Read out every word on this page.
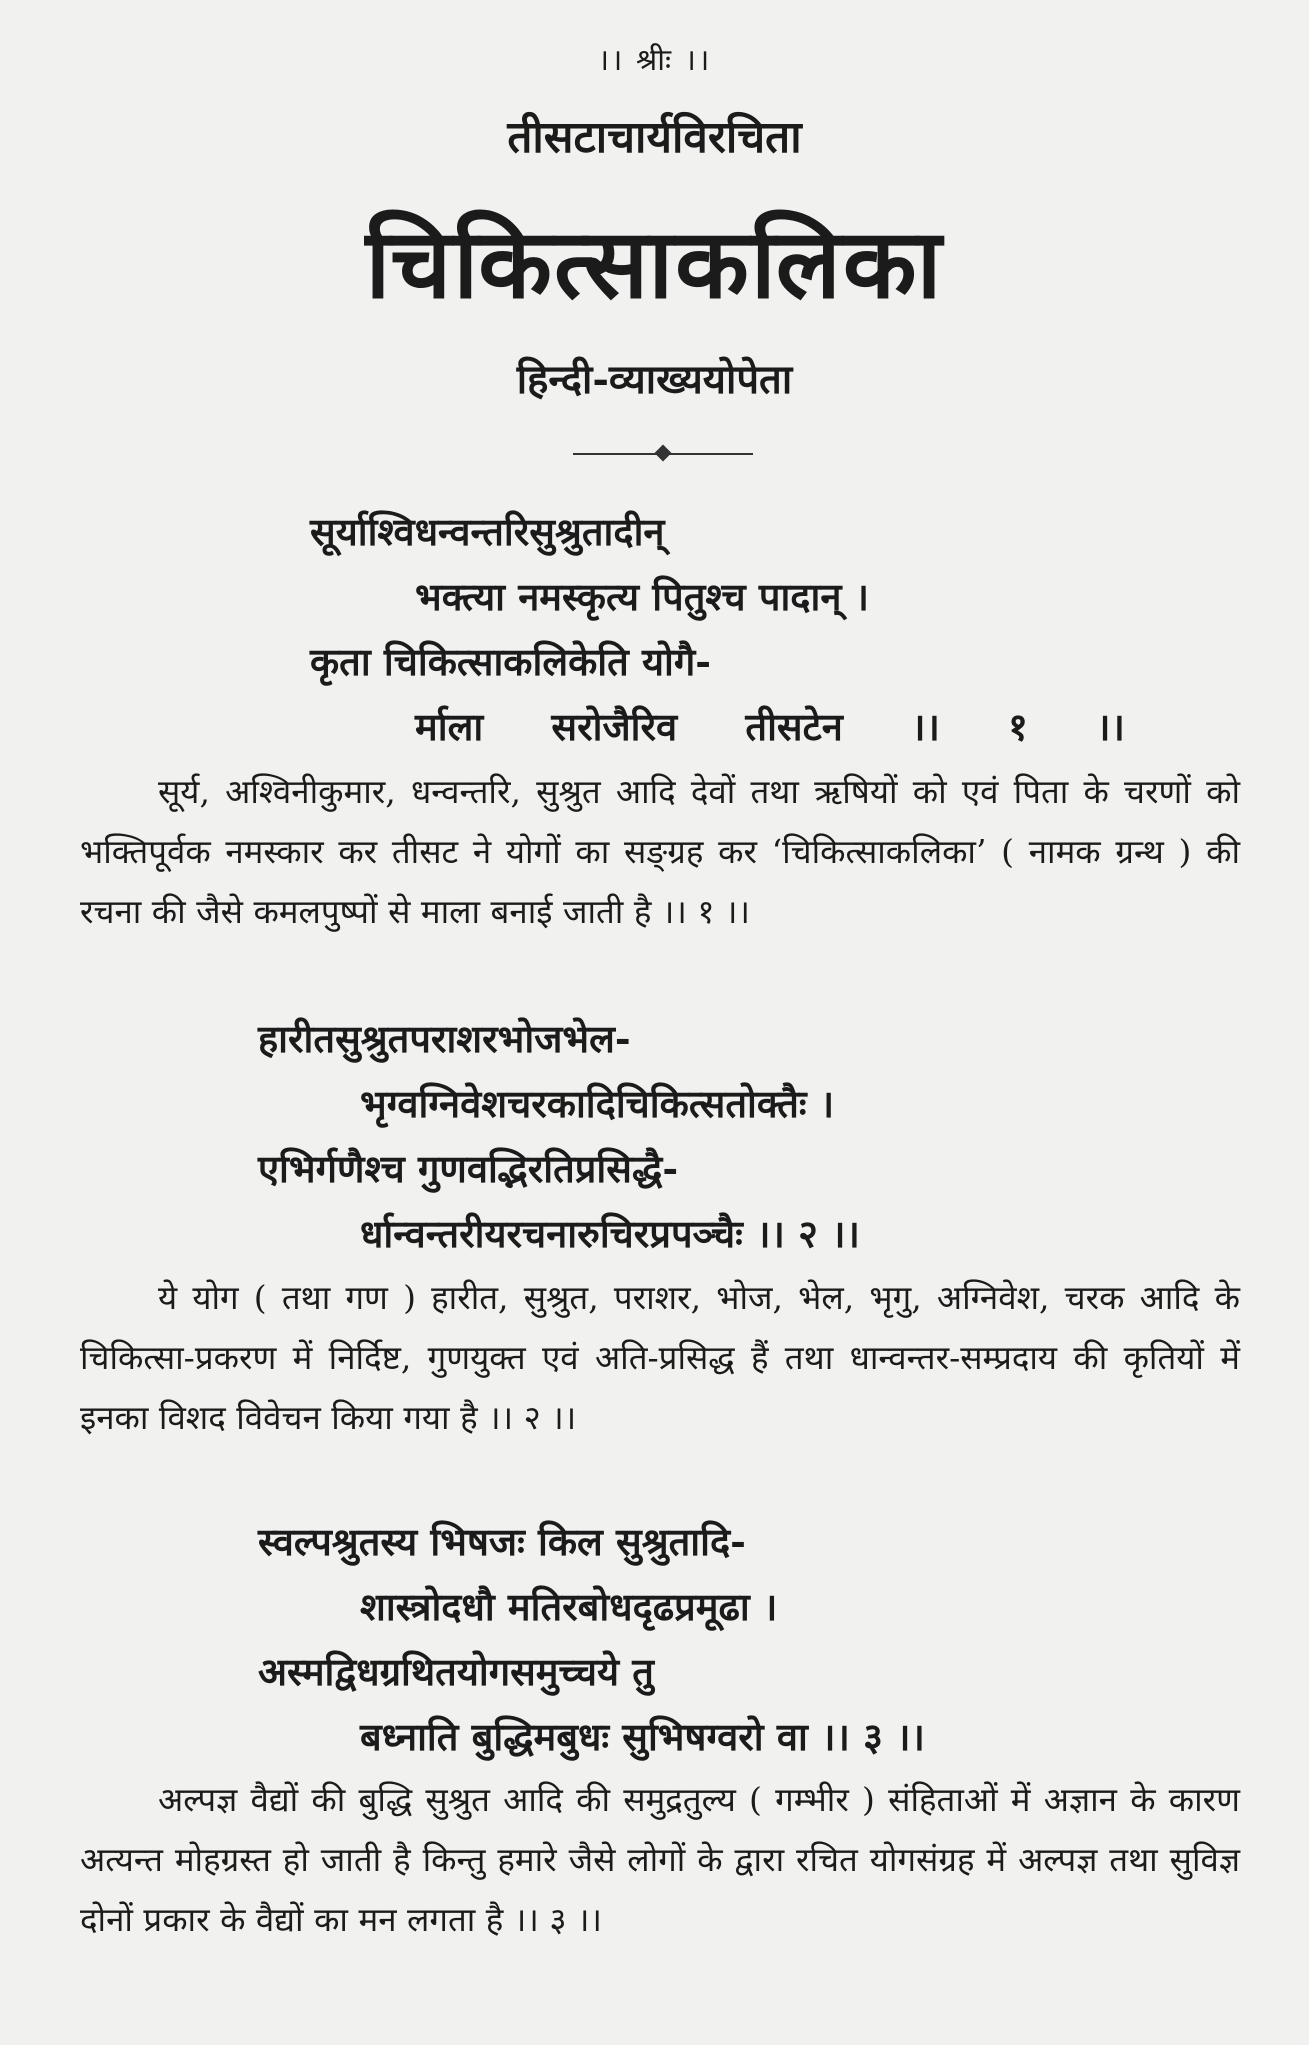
।। श्रीः ।।
तीसटाचार्यविरचिता
चिकित्साकलिका
हिन्दी-व्याख्ययोपेता
सूर्याश्विधन्वन्तरिसुश्रुतादीन्
भक्त्या नमस्कृत्य पितुश्च पादान् ।
कृता चिकित्साकलिकेति योगै-
र्माला सरोजैरिव तीसटेन ।। १ ।।
सूर्य, अश्विनीकुमार, धन्वन्तरि, सुश्रुत आदि देवों तथा ऋषियों को एवं पिता के चरणों को भक्तिपूर्वक नमस्कार कर तीसट ने योगों का सङ्ग्रह कर ‘चिकित्साकलिका’ ( नामक ग्रन्थ ) की रचना की जैसे कमलपुष्पों से माला बनाई जाती है ।। १ ।।
हारीतसुश्रुतपराशरभोजभेल-
भृग्वग्निवेशचरकादिचिकित्सतोक्तैः ।
एभिर्गणैश्च गुणवद्भिरतिप्रसिद्धै-
र्धान्वन्तरीयरचनारुचिरप्रपञ्चैः ।। २ ।।
ये योग ( तथा गण ) हारीत, सुश्रुत, पराशर, भोज, भेल, भृगु, अग्निवेश, चरक आदि के चिकित्सा-प्रकरण में निर्दिष्ट, गुणयुक्त एवं अति-प्रसिद्ध हैं तथा धान्वन्तर-सम्प्रदाय की कृतियों में इनका विशद विवेचन किया गया है ।। २ ।।
स्वल्पश्रुतस्य भिषजः किल सुश्रुतादि-
शास्त्रोदधौ मतिरबोधदृढप्रमूढा ।
अस्मद्विधग्रथितयोगसमुच्चये तु
बध्नाति बुद्धिमबुधः सुभिषग्वरो वा ।। ३ ।।
अल्पज्ञ वैद्यों की बुद्धि सुश्रुत आदि की समुद्रतुल्य ( गम्भीर ) संहिताओं में अज्ञान के कारण अत्यन्त मोहग्रस्त हो जाती है किन्तु हमारे जैसे लोगों के द्वारा रचित योगसंग्रह में अल्पज्ञ तथा सुविज्ञ दोनों प्रकार के वैद्यों का मन लगता है ।। ३ ।।
